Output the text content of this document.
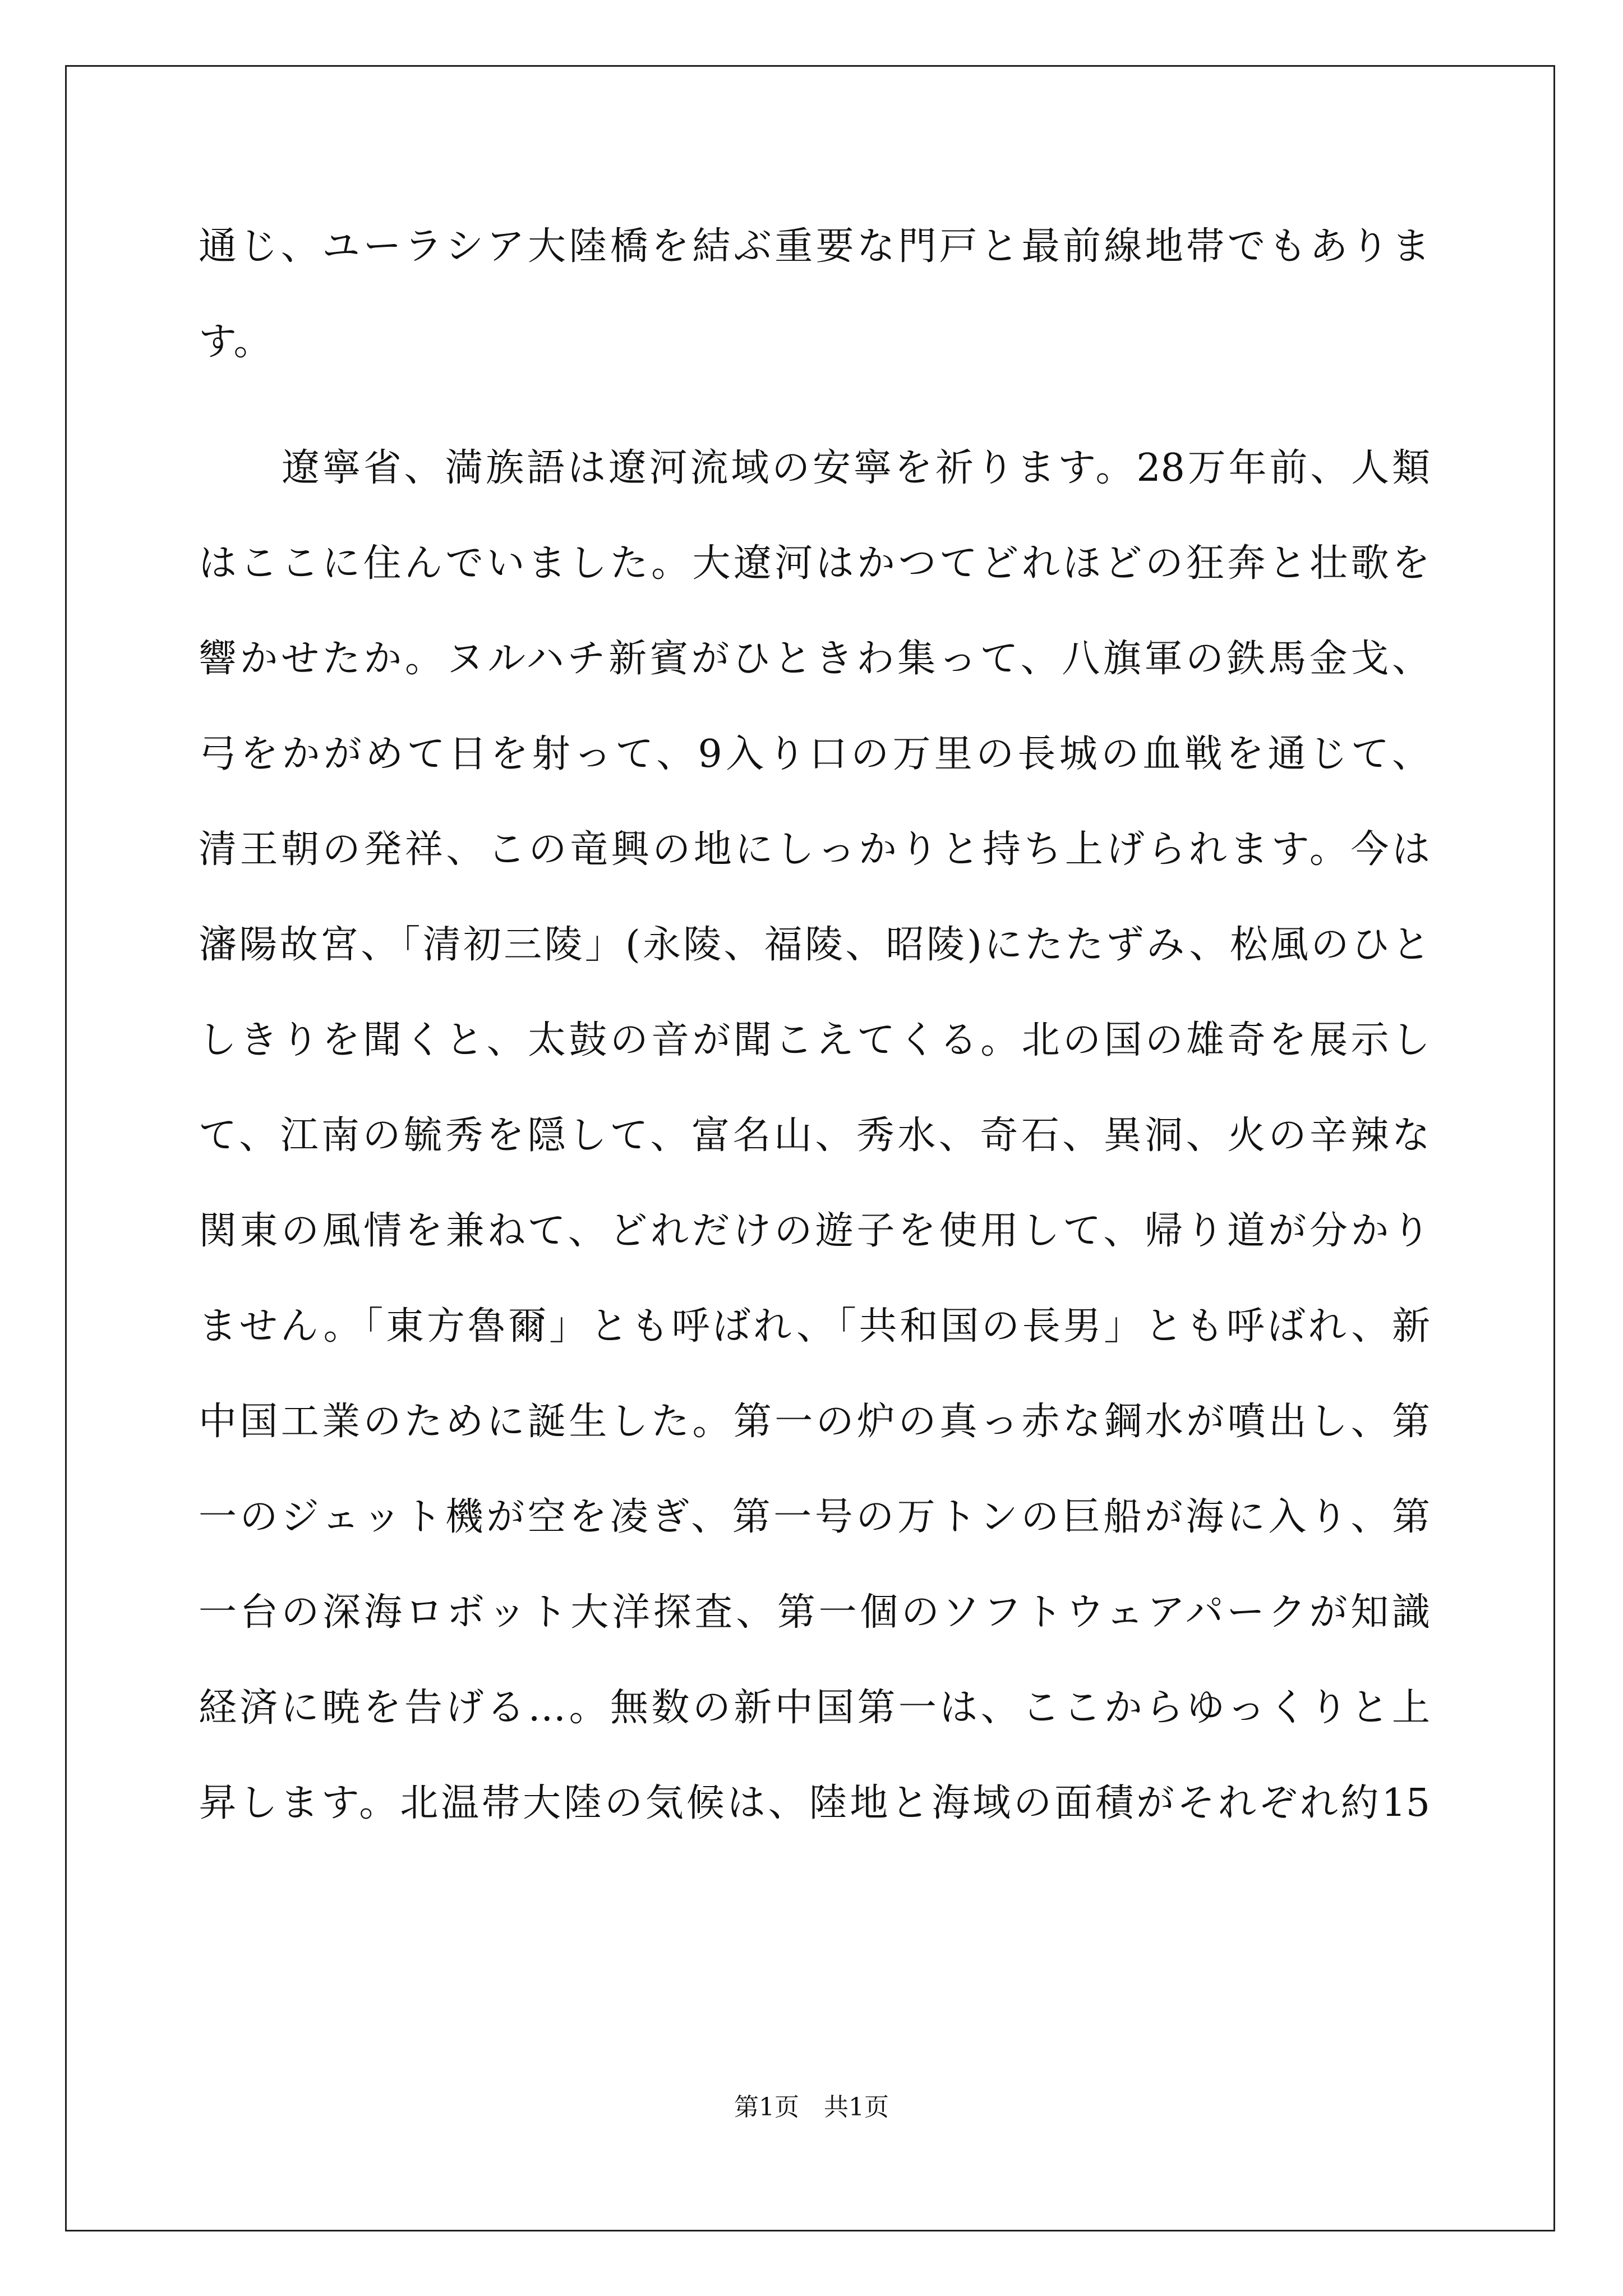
通じ、ユーラシア大陸橋を結ぶ重要な門戸と最前線地帯でもありま
す。
遼寧省、満族語は遼河流域の安寧を祈ります。28万年前、人類
はここに住んでいました。大遼河はかつてどれほどの狂奔と壮歌を
響かせたか。ヌルハチ新賓がひときわ集って、八旗軍の鉄馬金戈、
弓をかがめて日を射って、9入り口の万里の長城の血戦を通じて、
清王朝の発祥、この竜興の地にしっかりと持ち上げられます。今は
瀋陽故宮、「清初三陵」(永陵、福陵、昭陵)にたたずみ、松風のひと
しきりを聞くと、太鼓の音が聞こえてくる。北の国の雄奇を展示し
て、江南の毓秀を隠して、富名山、秀水、奇石、異洞、火の辛辣な
関東の風情を兼ねて、どれだけの遊子を使用して、帰り道が分かり
ません。「東方魯爾」とも呼ばれ、「共和国の長男」とも呼ばれ、新
中国工業のために誕生した。第一の炉の真っ赤な鋼水が噴出し、第
一のジェット機が空を凌ぎ、第一号の万トンの巨船が海に入り、第
一台の深海ロボット大洋探査、第一個のソフトウェアパークが知識
経済に暁を告げる…。無数の新中国第一は、ここからゆっくりと上
昇します。北温帯大陸の気候は、陸地と海域の面積がそれぞれ約15
第1页　共1页
